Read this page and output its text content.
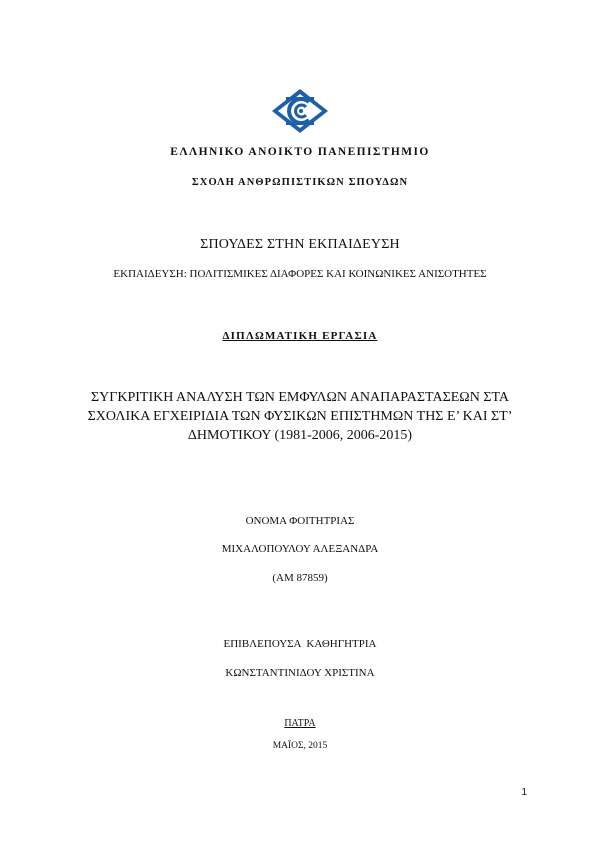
ΕΛΛΗΝΙΚΟ ΑΝΟΙΚΤΟ ΠΑΝΕΠΙΣΤΗΜΙΟ
ΣΧΟΛΗ ΑΝΘΡΩΠΙΣΤΙΚΩΝ ΣΠΟΥΔΩΝ
ΣΠΟΥΔΕΣ ΣΤΗΝ ΕΚΠΑΙΔΕΥΣΗ
ΕΚΠΑΙΔΕΥΣΗ: ΠΟΛΙΤΙΣΜΙΚΕΣ ΔΙΑΦΟΡΕΣ ΚΑΙ ΚΟΙΝΩΝΙΚΕΣ ΑΝΙΣΟΤΗΤΕΣ
ΔΙΠΛΩΜΑΤΙΚΗ ΕΡΓΑΣΙΑ
ΣΥΓΚΡΙΤΙΚΗ ΑΝΑΛΥΣΗ ΤΩΝ ΕΜΦΥΛΩΝ ΑΝΑΠΑΡΑΣΤΑΣΕΩΝ ΣΤΑ
ΣΧΟΛΙΚΑ ΕΓΧΕΙΡΙΔΙΑ ΤΩΝ ΦΥΣΙΚΩΝ ΕΠΙΣΤΗΜΩΝ ΤΗΣ Ε’ ΚΑΙ ΣΤ’
ΔΗΜΟΤΙΚΟΥ (1981-2006, 2006-2015)
ΟΝΟΜΑ ΦΟΙΤΗΤΡΙΑΣ
ΜΙΧΑΛΟΠΟΥΛΟΥ ΑΛΕΞΑΝΔΡΑ
(ΑΜ 87859)
ΕΠΙΒΛΕΠΟΥΣΑ  ΚΑΘΗΓΗΤΡΙΑ
ΚΩΝΣΤΑΝΤΙΝΙΔΟΥ ΧΡΙΣΤΙΝΑ
ΠΑΤΡΑ
ΜΑΪΟΣ, 2015
1
